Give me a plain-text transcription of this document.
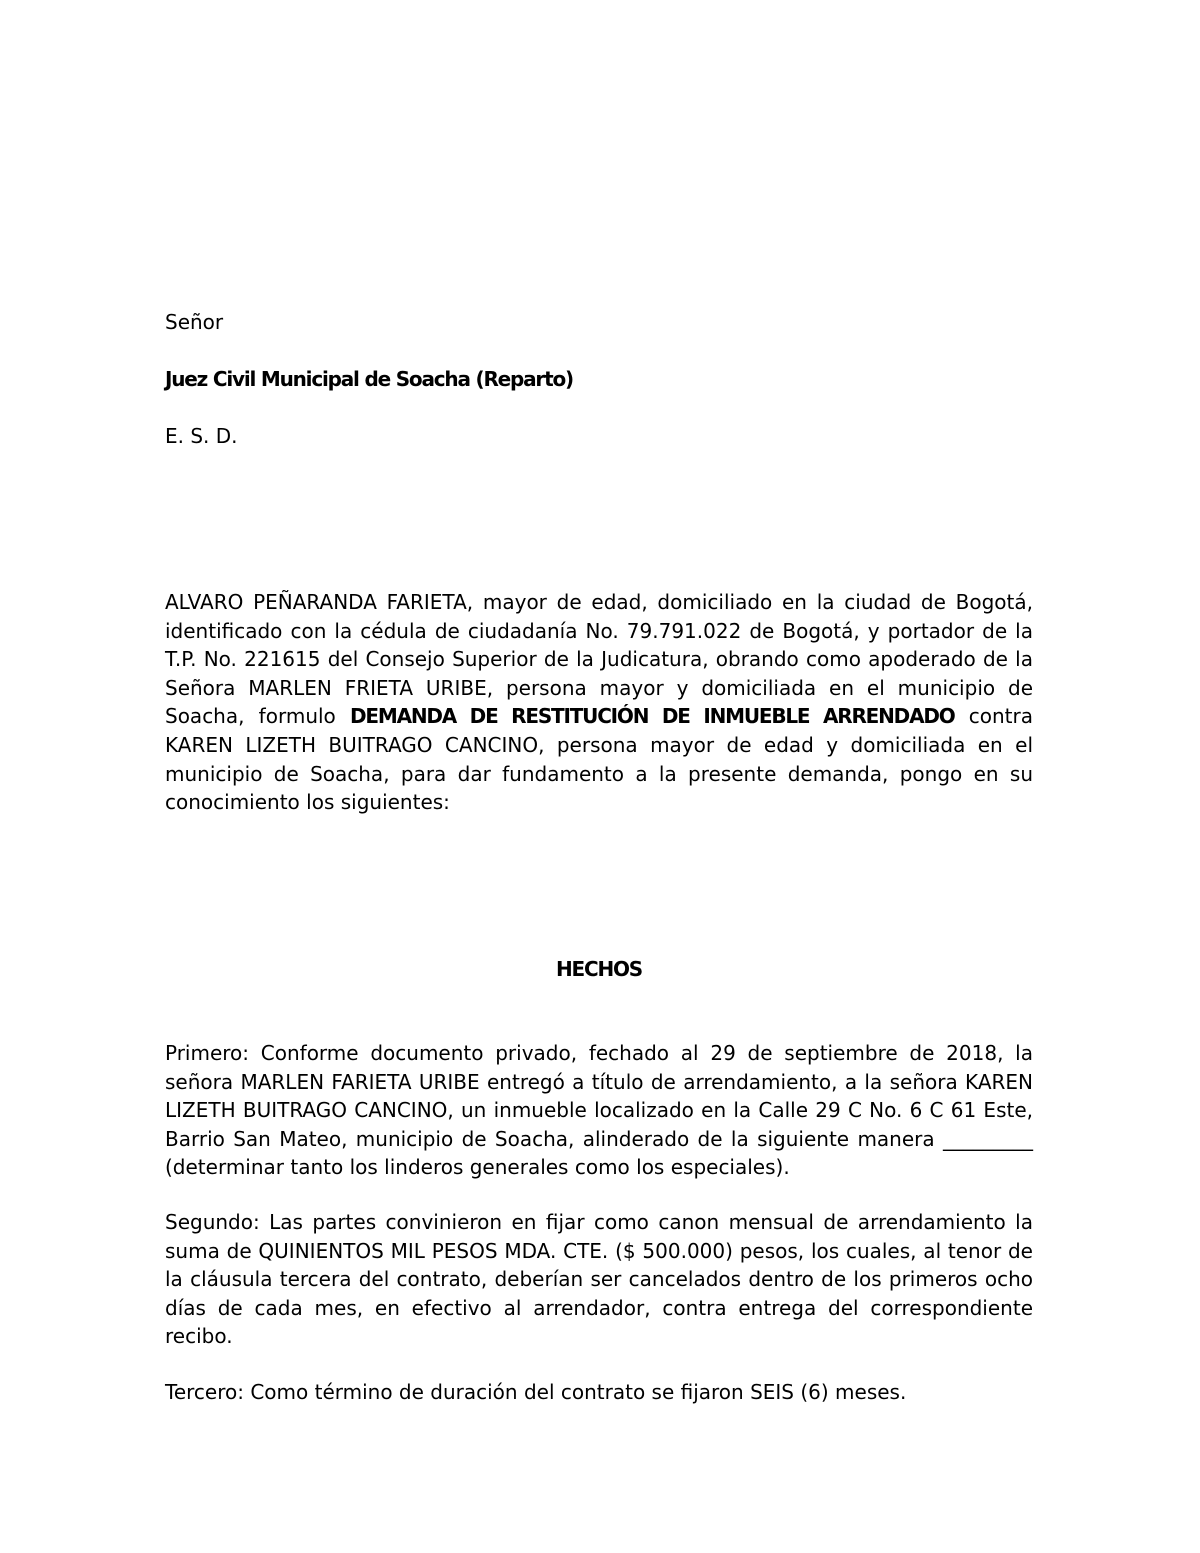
Señor

Juez Civil Municipal de Soacha (Reparto)

E. S. D.

ALVARO PEÑARANDA FARIETA, mayor de edad, domiciliado en la ciudad de Bogotá, identificado con la cédula de ciudadanía No. 79.791.022 de Bogotá, y portador de la T.P. No. 221615 del Consejo Superior de la Judicatura, obrando como apoderado de la Señora MARLEN FRIETA URIBE, persona mayor y domiciliada en el municipio de Soacha, formulo DEMANDA DE RESTITUCIÓN DE INMUEBLE ARRENDADO contra KAREN LIZETH BUITRAGO CANCINO, persona mayor de edad y domiciliada en el municipio de Soacha, para dar fundamento a la presente demanda, pongo en su conocimiento los siguientes:

HECHOS

Primero: Conforme documento privado, fechado al 29 de septiembre de 2018, la señora MARLEN FARIETA URIBE entregó a título de arrendamiento, a la señora KAREN LIZETH BUITRAGO CANCINO, un inmueble localizado en la Calle 29 C No. 6 C 61 Este, Barrio San Mateo, municipio de Soacha, alinderado de la siguiente manera _________ (determinar tanto los linderos generales como los especiales).

Segundo: Las partes convinieron en fijar como canon mensual de arrendamiento la suma de QUINIENTOS MIL PESOS MDA. CTE. ($ 500.000) pesos, los cuales, al tenor de la cláusula tercera del contrato, deberían ser cancelados dentro de los primeros ocho días de cada mes, en efectivo al arrendador, contra entrega del correspondiente recibo.

Tercero: Como término de duración del contrato se fijaron SEIS (6) meses.
